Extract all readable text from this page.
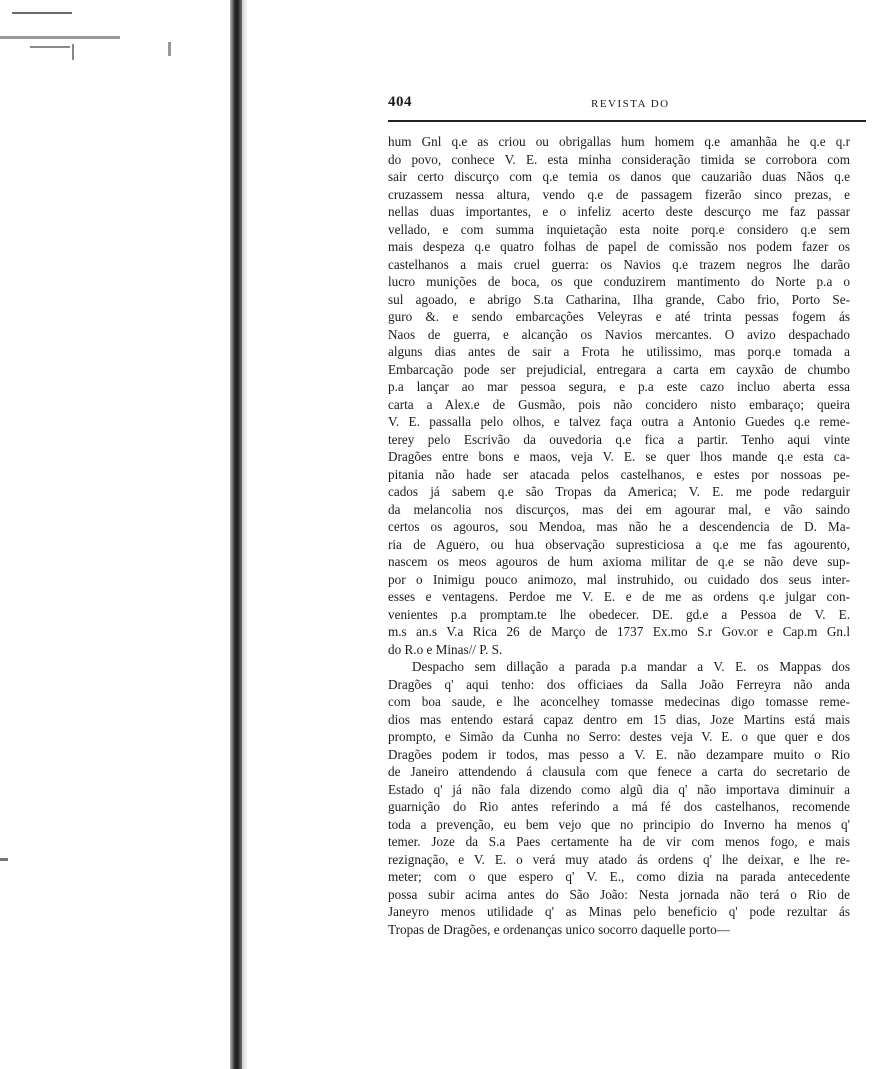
404	REVISTA DO
hum Gnl q.e as criou ou obrigallas hum homem q.e amanhãa he q.e q.r
do povo, conhece V. E. esta minha consideração timida se corrobora com
sair certo discurço com q.e temia os danos que cauzarião duas Nãos q.e
cruzassem nessa altura, vendo q.e de passagem fizerão sinco prezas, e
nellas duas importantes, e o infeliz acerto deste descurço me faz passar
vellado, e com summa inquietação esta noite porq.e considero q.e sem
mais despeza q.e quatro folhas de papel de comissão nos podem fazer os
castelhanos a mais cruel guerra: os Navios q.e trazem negros lhe darão
lucro munições de boca, os que conduzirem mantimento do Norte p.a o
sul agoado, e abrigo S.ta Catharina, Ilha grande, Cabo frio, Porto Se-
guro &. e sendo embarcações Veleyras e até trinta pessas fogem ás
Naos de guerra, e alcanção os Navios mercantes. O avizo despachado
alguns dias antes de sair a Frota he utilissimo, mas porq.e tomada a
Embarcação pode ser prejudicial, entregara a carta em cayxão de chumbo
p.a lançar ao mar pessoa segura, e p.a este cazo incluo aberta essa
carta a Alex.e de Gusmão, pois não concidero nisto embaraço; queira
V. E. passalla pelo olhos, e talvez faça outra a Antonio Guedes q.e reme-
terey pelo Escrivão da ouvedoria q.e fica a partir. Tenho aqui vinte
Dragões entre bons e maos, veja V. E. se quer lhos mande q.e esta ca-
pitania não hade ser atacada pelos castelhanos, e estes por nossoas pe-
cados já sabem q.e são Tropas da America; V. E. me pode redarguir
da melancolia nos discurços, mas dei em agourar mal, e vão saindo
certos os agouros, sou Mendoa, mas não he a descendencia de D. Ma-
ria de Aguero, ou hua observação supresticiosa a q.e me fas agourento,
nascem os meos agouros de hum axioma militar de q.e se não deve sup-
por o Inimigu pouco animozo, mal instruhido, ou cuidado dos seus inter-
esses e ventagens. Perdoe me V. E. e de me as ordens q.e julgar con-
venientes p.a promptam.te lhe obedecer. DE. gd.e a Pessoa de V. E.
m.s an.s V.a Rica 26 de Março de 1737 Ex.mo S.r Gov.or e Cap.m Gn.l
do R.o e Minas// P. S.
Despacho sem dillação a parada p.a mandar a V. E. os Mappas dos
Dragões q' aqui tenho: dos officiaes da Salla João Ferreyra não anda
com boa saude, e lhe aconcelhey tomasse medecinas digo tomasse reme-
dios mas entendo estará capaz dentro em 15 dias, Joze Martins está mais
prompto, e Simão da Cunha no Serro: destes veja V. E. o que quer e dos
Dragões podem ir todos, mas pesso a V. E. não dezampare muito o Rio
de Janeiro attendendo á clausula com que fenece a carta do secretario de
Estado q' já não fala dizendo como algũ dia q' não importava diminuir a
guarnição do Rio antes referindo a má fé dos castelhanos, recomende
toda a prevenção, eu bem vejo que no principio do Inverno ha menos q'
temer. Joze da S.a Paes certamente ha de vir com menos fogo, e mais
rezignação, e V. E. o verá muy atado ás ordens q' lhe deixar, e lhe re-
meter; com o que espero q' V. E., como dizia na parada antecedente
possa subir acima antes do São João: Nesta jornada não terá o Rio de
Janeyro menos utilidade q' as Minas pelo beneficio q' pode rezultar ás
Tropas de Dragões, e ordenanças unico socorro daquelle porto—
